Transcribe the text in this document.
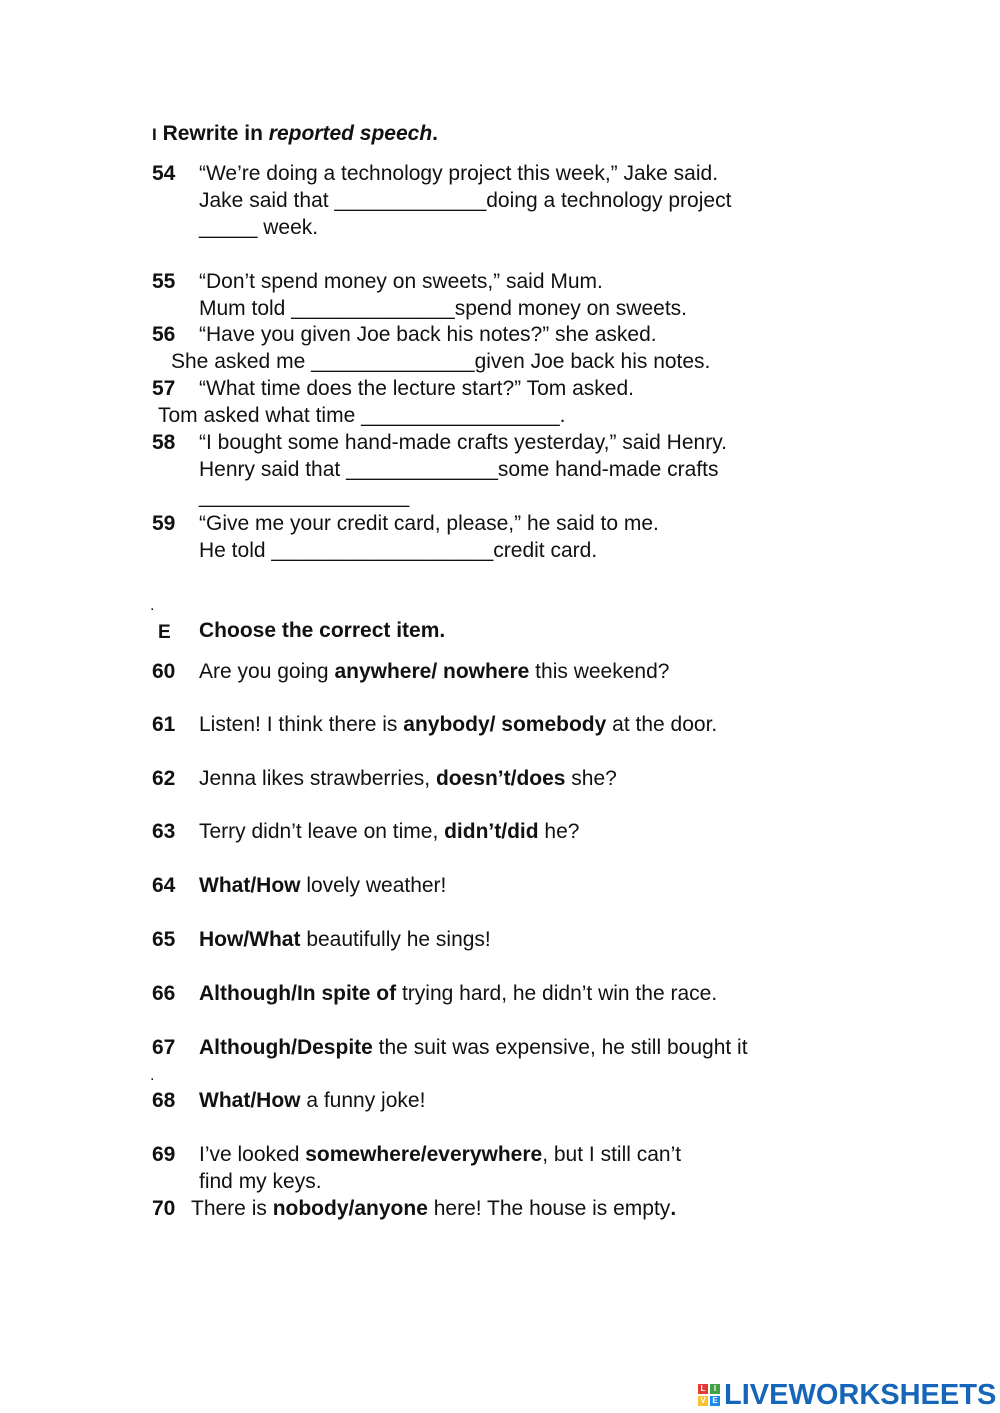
I Rewrite in reported speech.
54 “We’re doing a technology project this week,” Jake said.
Jake said that _____________doing a technology project
_____ week.
55 “Don’t spend money on sweets,” said Mum.
Mum told ______________spend money on sweets.
56 “Have you given Joe back his notes?” she asked.
She asked me ______________given Joe back his notes.
57 “What time does the lecture start?” Tom asked.
Tom asked what time _________________.
58 “I bought some hand-made crafts yesterday,” said Henry.
Henry said that _____________some hand-made crafts
__________________
59 “Give me your credit card, please,” he said to me.
He told ___________________credit card.
.
E Choose the correct item.
60 Are you going anywhere/ nowhere this weekend?
61 Listen! I think there is anybody/ somebody at the door.
62 Jenna likes strawberries, doesn’t/does she?
63 Terry didn’t leave on time, didn’t/did he?
64 What/How lovely weather!
65 How/What beautifully he sings!
66 Although/In spite of trying hard, he didn’t win the race.
67 Although/Despite the suit was expensive, he still bought it
.
68 What/How a funny joke!
69 I’ve looked somewhere/everywhere, but I still can’t
find my keys.
70 There is nobody/anyone here! The house is empty.
L	I
V E LIVEWORKSHEETS
